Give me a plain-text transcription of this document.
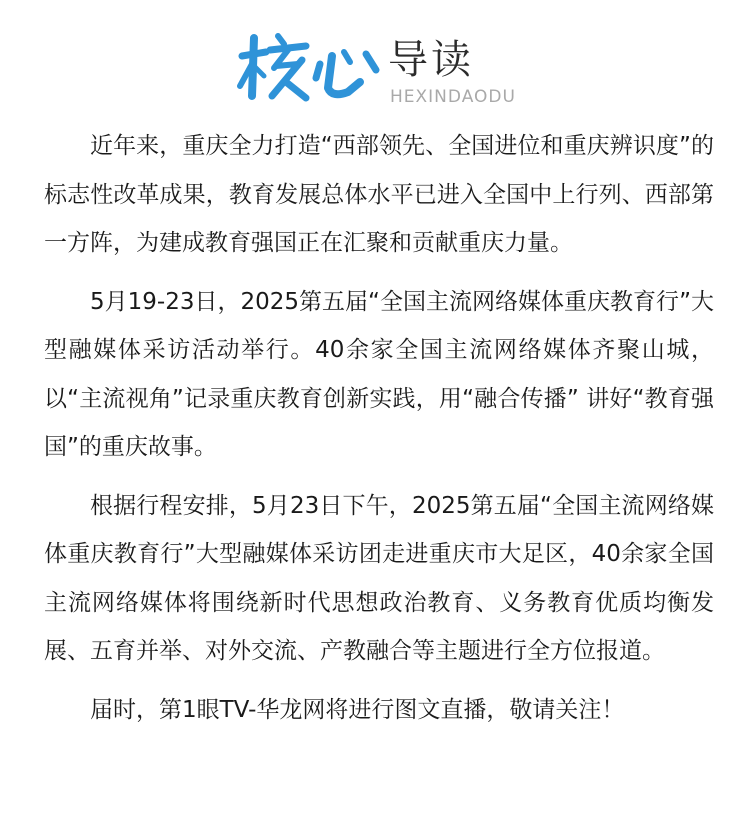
核心
导读
HEXINDAODU

近年来，重庆全力打造“西部领先、全国进位和重庆辨识度”的标志性改革成果，教育发展总体水平已进入全国中上行列、西部第一方阵，为建成教育强国正在汇聚和贡献重庆力量。

5月19-23日，2025第五届“全国主流网络媒体重庆教育行”大型融媒体采访活动举行。40余家全国主流网络媒体齐聚山城，以“主流视角”记录重庆教育创新实践，用“融合传播” 讲好“教育强国”的重庆故事。

根据行程安排，5月23日下午，2025第五届“全国主流网络媒体重庆教育行”大型融媒体采访团走进重庆市大足区，40余家全国主流网络媒体将围绕新时代思想政治教育、义务教育优质均衡发展、五育并举、对外交流、产教融合等主题进行全方位报道。

届时，第1眼TV-华龙网将进行图文直播，敬请关注！
